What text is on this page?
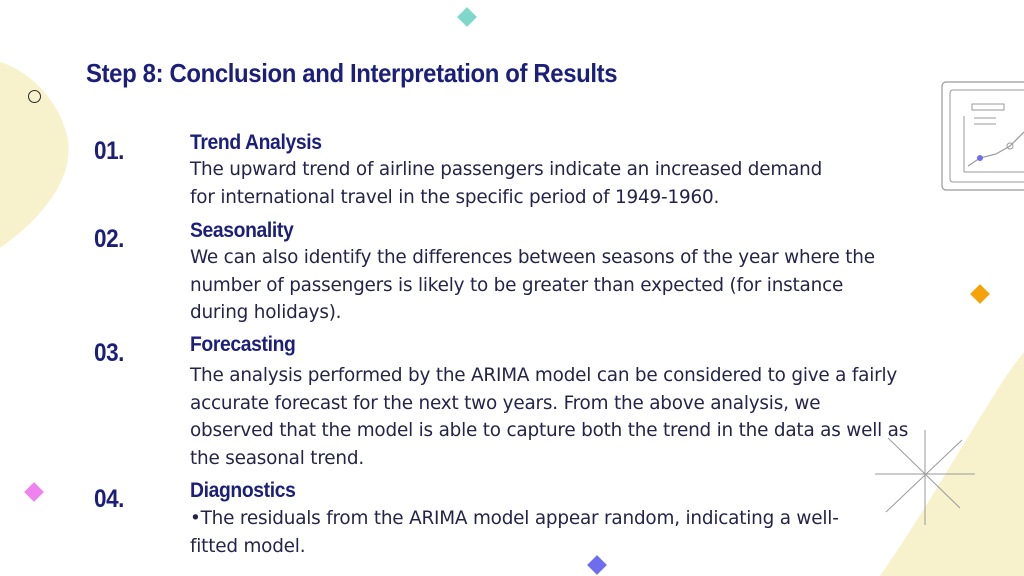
Step 8: Conclusion and Interpretation of Results
01.	Trend Analysis
The upward trend of airline passengers indicate an increased demand
for international travel in the specific period of 1949-1960.
02.	Seasonality
We can also identify the differences between seasons of the year where the
number of passengers is likely to be greater than expected (for instance
during holidays).
03.	Forecasting
The analysis performed by the ARIMA model can be considered to give a fairly
accurate forecast for the next two years. From the above analysis, we
observed that the model is able to capture both the trend in the data as well as
the seasonal trend.
04.	Diagnostics
•The residuals from the ARIMA model appear random, indicating a well-
fitted model.
